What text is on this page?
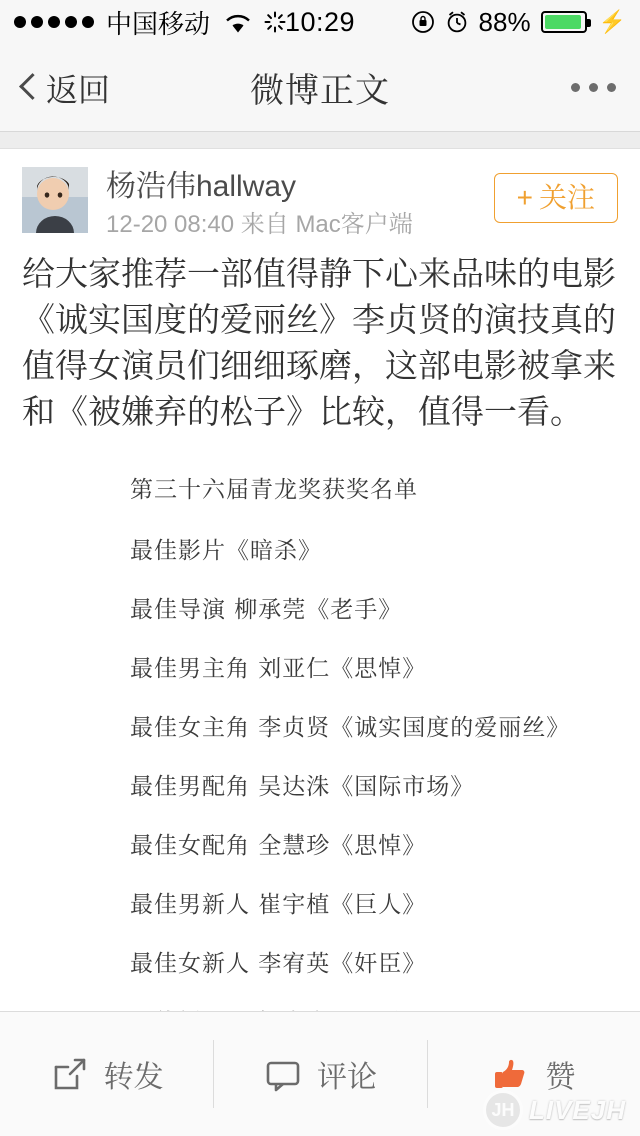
中国移动	10:29	88%	⚡
返回	微博正文
杨浩伟hallway
12-20 08:40 来自 Mac客户端
+ 关注
给大家推荐一部值得静下心来品味的电影《诚实国度的爱丽丝》李贞贤的演技真的值得女演员们细细琢磨，这部电影被拿来和《被嫌弃的松子》比较，值得一看。
第三十六届青龙奖获奖名单
最佳影片《暗杀》
最佳导演 柳承莞《老手》
最佳男主角 刘亚仁《思悼》
最佳女主角 李贞贤《诚实国度的爱丽丝》
最佳男配角 吴达洙《国际市场》
最佳女配角 全慧珍《思悼》
最佳男新人 崔宇植《巨人》
最佳女新人 李宥英《奸臣》
转发	评论	赞
JH LIVEJH
